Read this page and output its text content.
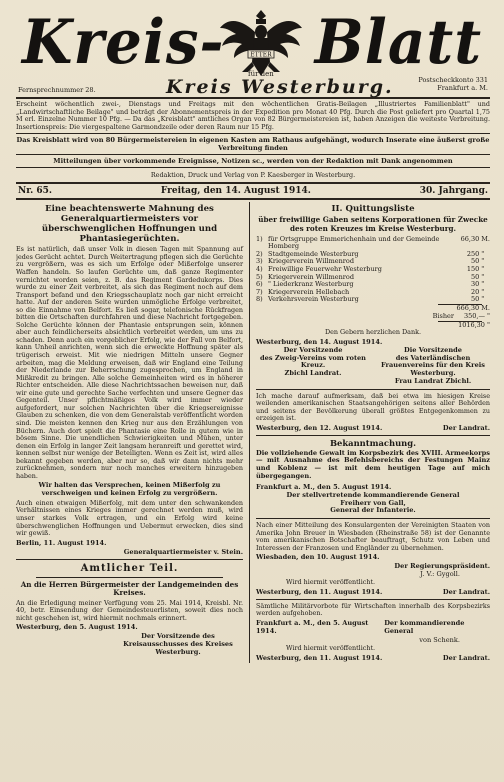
Kreis-	ETTER Blatt
für den
Kreis Westerburg.
Fernsprechnummer 28.
Postscheckkonto 331
Frankfurt a. M.
Erscheint wöchentlich zwei-, Dienstags und Freitags mit den wöchentlichen Gratis-Beilagen „Illustriertes Familienblatt" und „Landwirtschaftliche Beilage" und beträgt der Abonnementspreis in der Expedition pro Monat 40 Pfg. Durch die Post geliefert pro Quartal 1,75 M erl. Einzelne Nummer 10 Pfg. — Da das „Kreisblatt" amtliches Organ von 82 Bürgermeistereien ist, haben Anzeigen die weiteste Verbreitung. Insertionspreis: Die viergespaltene Garmondzeile oder deren Raum nur 15 Pfg.
Das Kreisblatt wird von 80 Bürgermeistereien in eigenen Kasten am Rathaus aufgehängt, wodurch Inserate eine äußerst große Verbreitung finden
Mitteilungen über vorkommende Ereignisse, Notizen sc., werden von der Redaktion mit Dank angenommen
Redaktion, Druck und Verlag von P. Kaesberger in Westerburg.
Nr. 65.	Freitag, den 14. August 1914.	30. Jahrgang.
Eine beachtenswerte Mahnung des Generalquartiermeisters vor überschwenglichen Hoffnungen und Phantasiegerüchten.

Es ist natürlich, daß unser Volk in diesen Tagen mit Spannung auf jedes Gerücht achtet. Durch Weitertragung pflegen sich die Gerüchte zu vergrößern, was es sich um Erfolge oder Mißerfolge unserer Waffen handeln. So laufen Gerüchte um, daß ganze Regimenter vernichtet worden seien, z. B. das Regiment Gardedukorps. Dies wurde zu einer Zeit verbreitet, als sich das Regiment noch auf dem Transport befand und den Kriegsschauplatz noch gar nicht erreicht hatte. Auf der anderen Seite wurden unmögliche Erfolge verbreitet, so die Einnahme von Belfort. Es ließ sogar, telefonische Rückfragen bitten die Ortschaften durchfahren und diese Nachricht fortgegeben. Solche Gerüchte können der Phantasie entsprungen sein, können aber auch feindlicherseits absichtlich verbreitet werden, um uns zu schaden. Denn auch ein vorgeblicher Erfolg, wie der Fall von Belfort, kann Unheil anrichten, wenn sich die erweckte Hoffnung später als trügerisch erweist. Mit wie niedrigen Mitteln unsere Gegner arbeiten, mag die Meldung erweisen, daß wir England eine Teilung der Niederlande zur Beherrschung zugesprochen, um England in Mißkredit zu bringen. Alle solche Gemeinheiten wird es in höherer Richter entscheiden. Alle diese Nachrichtssachen beweisen nur, daß wir eine gute und gerechte Sache verfechten und unsere Gegner das Gegenteil. Unser pflichtmäßiges Volk wird immer wieder aufgefordert, nur solchen Nachrichten über die Kriegsereignisse Glauben zu schenken, die von dem Generalstab veröffentlicht worden sind. Die meisten kennen den Krieg nur aus den Erzählungen von Büchern. Auch dort spielt die Phantasie eine Rolle in gutem wie in bösem Sinne. Die unendlichen Schwierigkeiten und Mühen, unter denen ein Erfolg in langer Zeit langsam heranreift und gerettet wird, kennen selbst nur wenige der Beteiligten. Wenn es Zeit ist, wird alles bekannt gegeben werden, aber nur so, daß wir dann nichts mehr zurücknehmen, sondern nur noch manches erweitern hinzugeben haben.

Wir halten das Versprechen, keinen Mißerfolg zu verschweigen und keinen Erfolg zu vergrößern.

Auch einen etwaigen Mißerfolg, mit dem unter den schwankenden Verhältnissen eines Krieges immer gerechnet werden muß, wird unser starkes Volk ertragen, und ein Erfolg wird keine überschwenglichen Hoffnungen und Uebermut erwecken, dies sind wir gewiß.

Berlin, 11. August 1914.
Generalquartiermeister v. Stein.
Amtlicher Teil.
An die Herren Bürgermeister der Landgemeinden des Kreises.

An die Erledigung meiner Verfügung vom 25. Mai 1914, Kreisbl. Nr. 40, betr. Einsendung der Gemeindesteuerlisten, soweit dies noch nicht geschehen ist, wird hiermit nochmals erinnert.

Westerburg, den 5. August 1914.
Der Vorsitzende des Kreisausschusses des Kreises Westerburg.
II. Quittungsliste
über freiwillige Gaben seitens Korporationen für Zwecke des roten Kreuzes im Kreise Westerburg.
1)	für Ortsgruppe Emmerichenhain und der Gemeinde Homberg	66,30	M.
2)	Stadtgemeinde Westerburg	250	"
3)	Kriegerverein Willmenrod	50	"
4)	Freiwillige Feuerwehr Westerburg	150	"
5)	Kriegerverein Willmenrod	50	"
6)	" Liederkranz Westerburg	30	"
7)	Kriegerverein Hellebach	20	"
8)	Verkehrsverein Westerburg	50	"
666,30 M.
Bisher 350,— "
1016,30 "

Den Gebern herzlichen Dank.

Westerburg, den 14. August 1914.
Der Vorsitzende
des Zweig-Vereins vom roten Kreuz.
Zbichl Landrat.
Die Vorsitzende
des Vaterländischen Frauenvereins für den Kreis Westerburg.
Frau Landrat Zbichl.

Ich mache darauf aufmerksam, daß bei etwa im hiesigen Kreise weilenden amerikanischen Staatsangehörigen seitens aller Behörden und seitens der Bevölkerung überall größtes Entgegenkommen zu erzeigen ist.

Westerburg, den 12. August 1914.	Der Landrat.
Bekanntmachung.
Die vollziehende Gewalt im Korpsbezirk des XVIII. Armeekorps — mit Ausnahme des Befehlsbereichs der Festungen Mainz und Koblenz — ist mit dem heutigen Tage auf mich übergegangen.
Frankfurt a. M., den 5. August 1914.
Der stellvertretende kommandierende General
Freiherr von Gall,
General der Infanterie.

Nach einer Mitteilung des Konsulargenten der Vereinigten Staaten von Amerika John Breuer in Wiesbaden (Rheinstraße 58) ist der Genannte vom amerikanischen Botschafter beauftragt, Schutz von Leben und Interessen der Franzosen und Engländer zu übernehmen.

Wiesbaden, den 10. August 1914.
Der Regierungspräsident.
J. V.: Gygoll.

Wird hiermit veröffentlicht.

Westerburg, den 11. August 1914.	Der Landrat.

Sämtliche Militärvorbote für Wirtschaften innerhalb des Korpsbezirks werden aufgehoben.

Frankfurt a. M., den 5. August 1914.
Der kommandierende General
von Schenk.

Wird hiermit veröffentlicht.

Westerburg, den 11. August 1914.	Der Landrat.
